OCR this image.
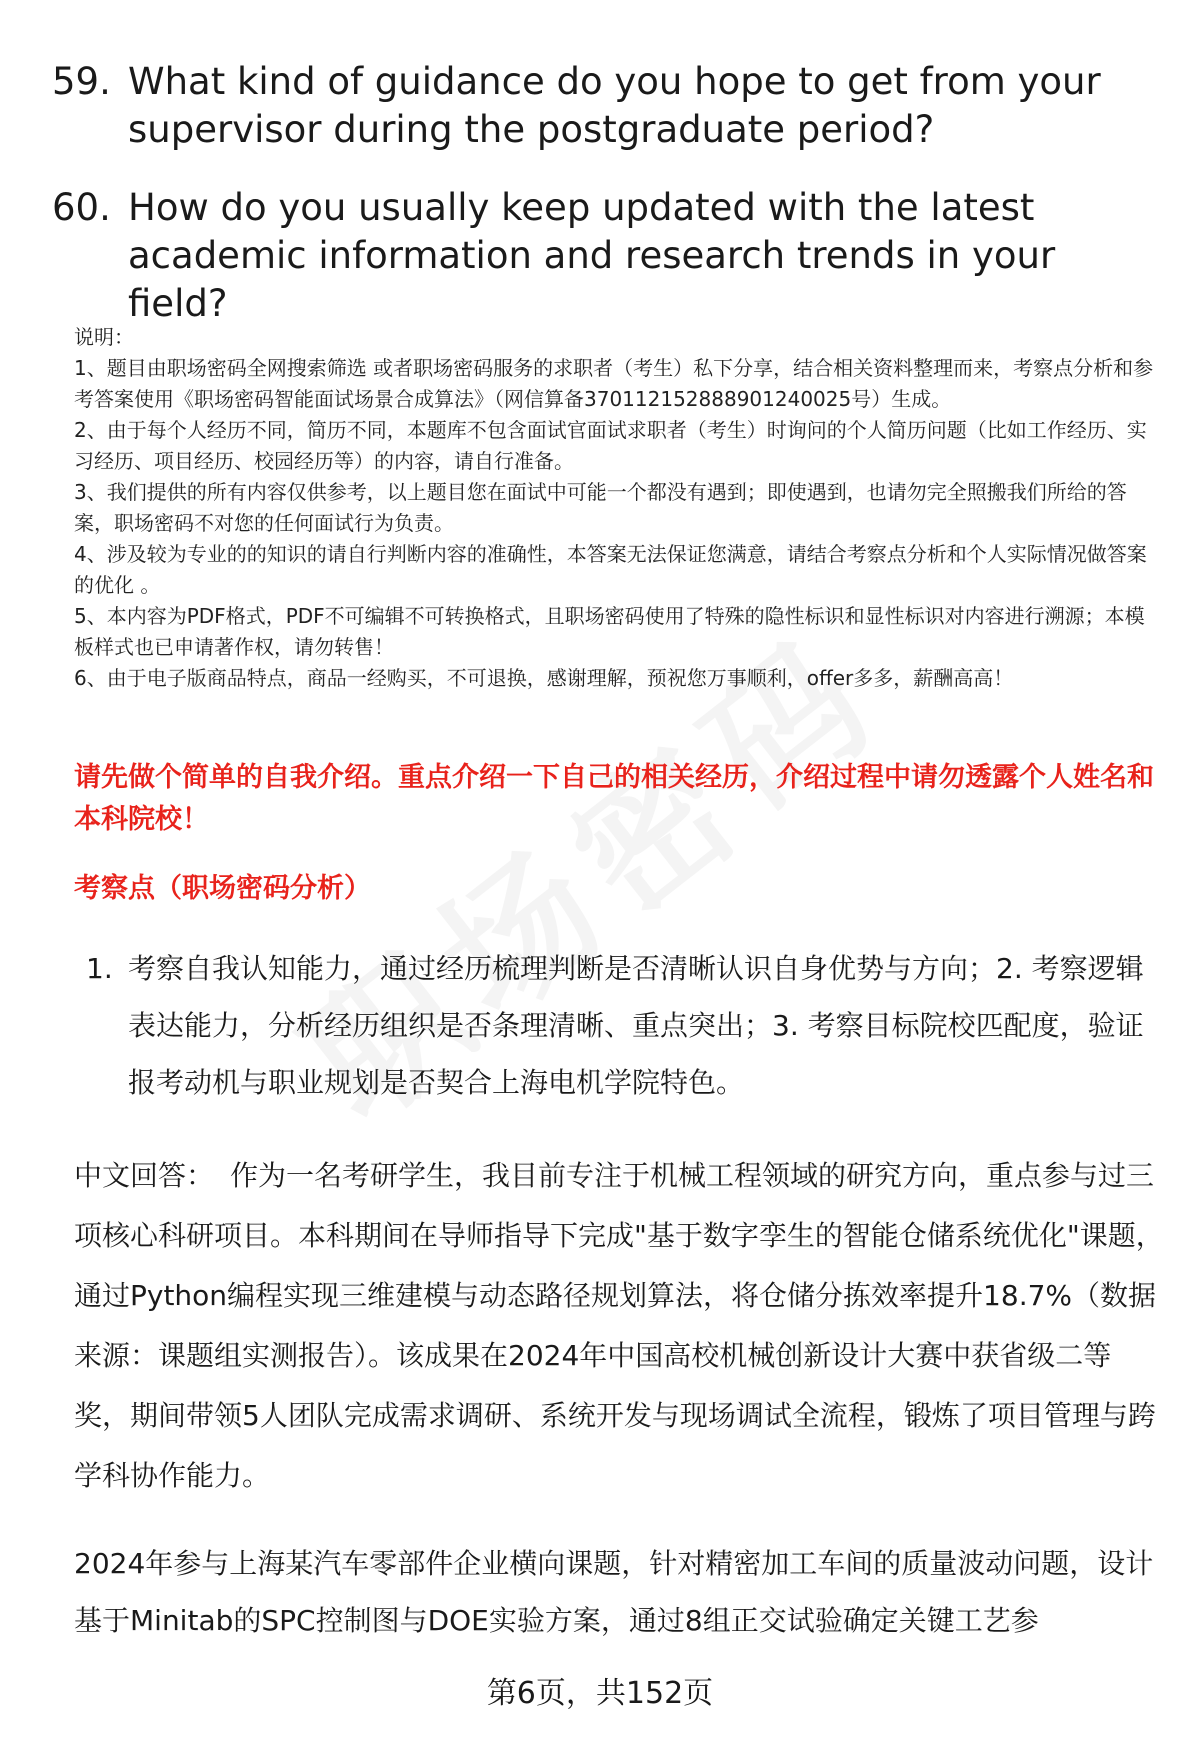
59. What kind of guidance do you hope to get from your supervisor during the postgraduate period?
60. How do you usually keep updated with the latest academic information and research trends in your field?
说明：
1、题目由职场密码全网搜索筛选 或者职场密码服务的求职者（考生）私下分享，结合相关资料整理而来，考察点分析和参考答案使用《职场密码智能面试场景合成算法》（网信算备370112152888901240025号）生成。
2、由于每个人经历不同，简历不同，本题库不包含面试官面试求职者（考生）时询问的个人简历问题（比如工作经历、实习经历、项目经历、校园经历等）的内容，请自行准备。
3、我们提供的所有内容仅供参考，以上题目您在面试中可能一个都没有遇到；即使遇到，也请勿完全照搬我们所给的答案，职场密码不对您的任何面试行为负责。
4、涉及较为专业的的知识的请自行判断内容的准确性，本答案无法保证您满意，请结合考察点分析和个人实际情况做答案的优化 。
5、本内容为PDF格式，PDF不可编辑不可转换格式，且职场密码使用了特殊的隐性标识和显性标识对内容进行溯源；本模板样式也已申请著作权，请勿转售！
6、由于电子版商品特点，商品一经购买，不可退换，感谢理解，预祝您万事顺利，offer多多，薪酬高高！
请先做个简单的自我介绍。重点介绍一下自己的相关经历，介绍过程中请勿透露个人姓名和本科院校！
考察点（职场密码分析）
1. 考察自我认知能力，通过经历梳理判断是否清晰认识自身优势与方向；2. 考察逻辑表达能力，分析经历组织是否条理清晰、重点突出；3. 考察目标院校匹配度，验证报考动机与职业规划是否契合上海电机学院特色。
中文回答： 作为一名考研学生，我目前专注于机械工程领域的研究方向，重点参与过三项核心科研项目。本科期间在导师指导下完成"基于数字孪生的智能仓储系统优化"课题，通过Python编程实现三维建模与动态路径规划算法，将仓储分拣效率提升18.7%（数据来源：课题组实测报告）。该成果在2024年中国高校机械创新设计大赛中获省级二等奖，期间带领5人团队完成需求调研、系统开发与现场调试全流程，锻炼了项目管理与跨学科协作能力。
2024年参与上海某汽车零部件企业横向课题，针对精密加工车间的质量波动问题，设计基于Minitab的SPC控制图与DOE实验方案，通过8组正交试验确定关键工艺参
第6页，共152页
